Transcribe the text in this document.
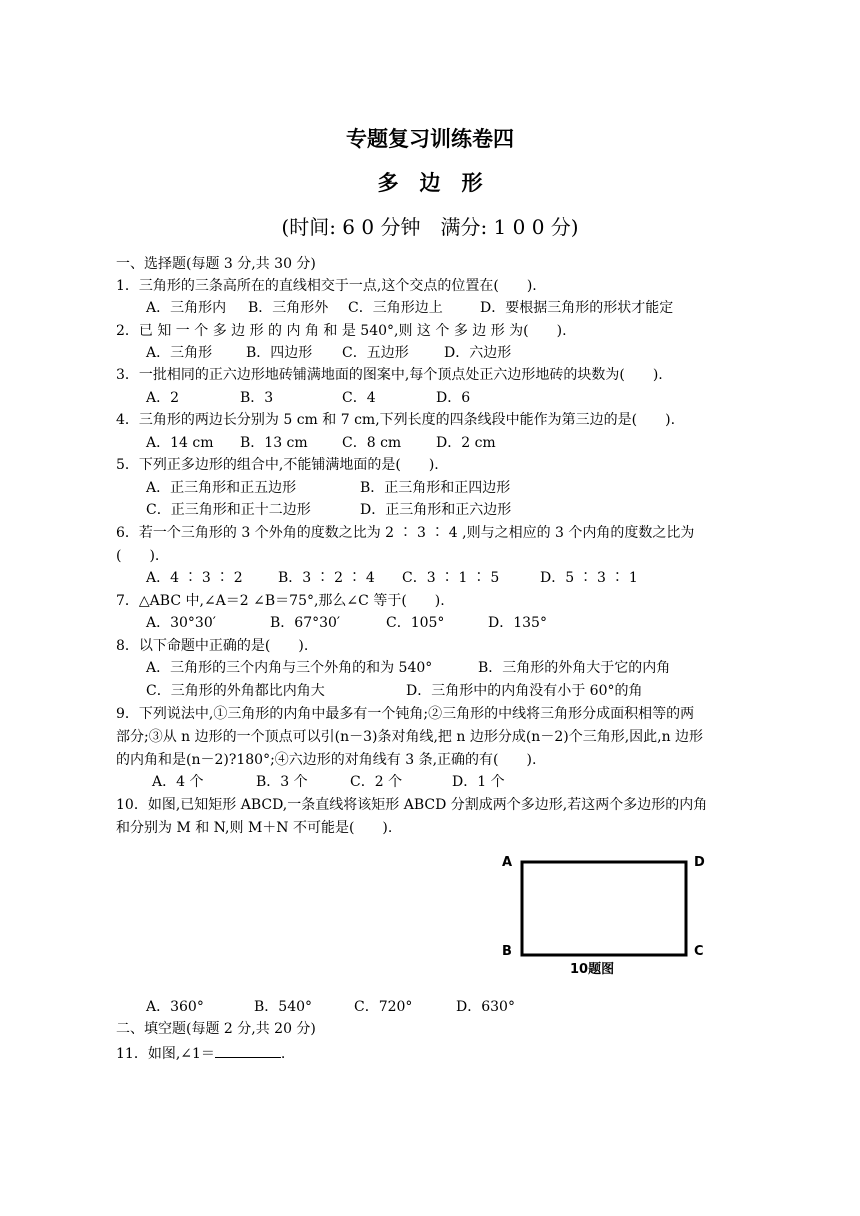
专题复习训练卷四
多　边　形
(时间: 6 0 分钟　满分: 1 0 0 分)
一、选择题(每题 3 分,共 30 分)
1．三角形的三条高所在的直线相交于一点,这个交点的位置在(　　).
A．三角形内 B．三角形外 C．三角形边上	D．要根据三角形的形状才能定
2．已 知 一 个 多 边 形 的 内 角 和 是 540°,则 这 个 多 边 形 为(　　).
A．三角形 B．四边形 C．五边形	D．六边形
3．一批相同的正六边形地砖铺满地面的图案中,每个顶点处正六边形地砖的块数为(　　).
A．2	B．3	C．4	D．6
4．三角形的两边长分别为 5 cm 和 7 cm,下列长度的四条线段中能作为第三边的是(　　).
A．14 cm B．13 cm C．8 cm D．2 cm
5．下列正多边形的组合中,不能铺满地面的是(　　).
A．正三角形和正五边形	B．正三角形和正四边形
C．正三角形和正十二边形	D．正三角形和正六边形
6．若一个三角形的 3 个外角的度数之比为 2 ∶ 3 ∶ 4 ,则与之相应的 3 个内角的度数之比为
(　　).
A．4 ∶ 3 ∶ 2	B．3 ∶ 2 ∶ 4 C．3 ∶ 1 ∶ 5	D．5 ∶ 3 ∶ 1
7．△ABC 中,∠A＝2 ∠B＝75°,那么∠C 等于(　　).
A．30°30′	B．67°30′	C．105°	D．135°
8．以下命题中正确的是(　　).
A．三角形的三个内角与三个外角的和为 540°	B．三角形的外角大于它的内角
C．三角形的外角都比内角大	D．三角形中的内角没有小于 60°的角
9．下列说法中,①三角形的内角中最多有一个钝角;②三角形的中线将三角形分成面积相等的两
部分;③从 n 边形的一个顶点可以引(n－3)条对角线,把 n 边形分成(n－2)个三角形,因此,n 边形
的内角和是(n－2)?180°;④六边形的对角线有 3 条,正确的有(　　).
A．4 个	B．3 个	C．2 个	D．1 个
10．如图,已知矩形 ABCD,一条直线将该矩形 ABCD 分割成两个多边形,若这两个多边形的内角
和分别为 M 和 N,则 M＋N 不可能是(　　).
A	D
B	C
10题图
A．360°	B．540°	C．720°	D．630°
二、填空题(每题 2 分,共 20 分)
11．如图,∠1＝	.
